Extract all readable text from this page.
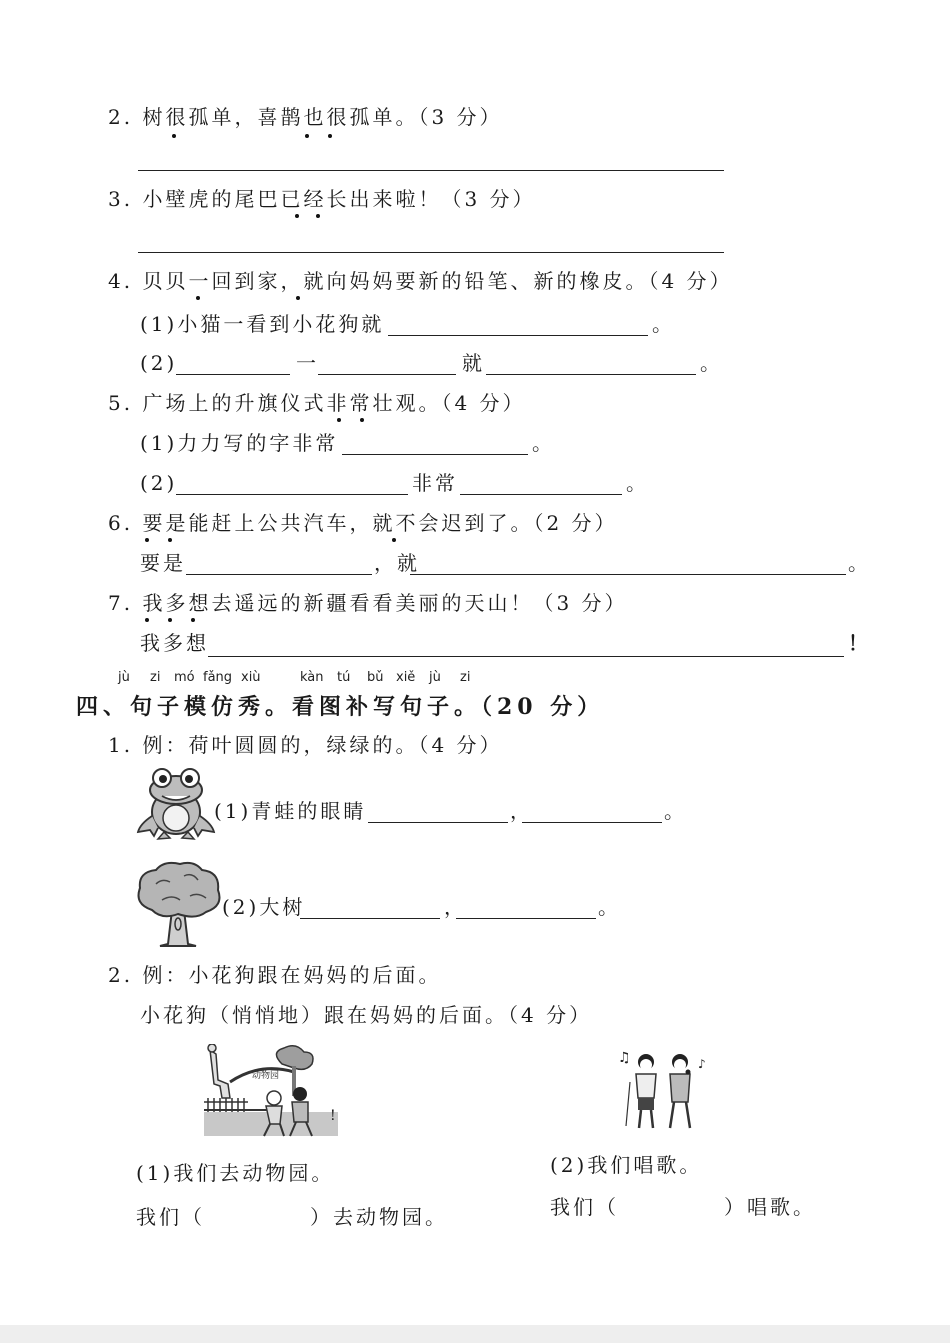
2. 树很孤单，喜鹊也很孤单。（3 分）
3. 小壁虎的尾巴已经长出来啦！（3 分）
4. 贝贝一回到家，就向妈妈要新的铅笔、新的橡皮。（4 分）
(1)小猫一看到小花狗就	。
(2)	一	就	。
5. 广场上的升旗仪式非常壮观。（4 分）
(1)力力写的字非常	。
(2)	非常	。
6. 要是能赶上公共汽车，就不会迟到了。（2 分）
要是	，就	。
7. 我多想去遥远的新疆看看美丽的天山！（3 分）
我多想	！
jù zi mó fǎng xiù	kàn tú bǔ xiě jù zi
四、句子模仿秀。看图补写句子。（20 分）
1. 例：荷叶圆圆的，绿绿的。（4 分）
(1)青蛙的眼睛	，	。
(2)大树	，	。
2. 例：小花狗跟在妈妈的后面。
小花狗（悄悄地）跟在妈妈的后面。（4 分）
动物园
!
♫	♪
(1)我们去动物园。
我们（	）去动物园。
(2)我们唱歌。
我们（	）唱歌。
